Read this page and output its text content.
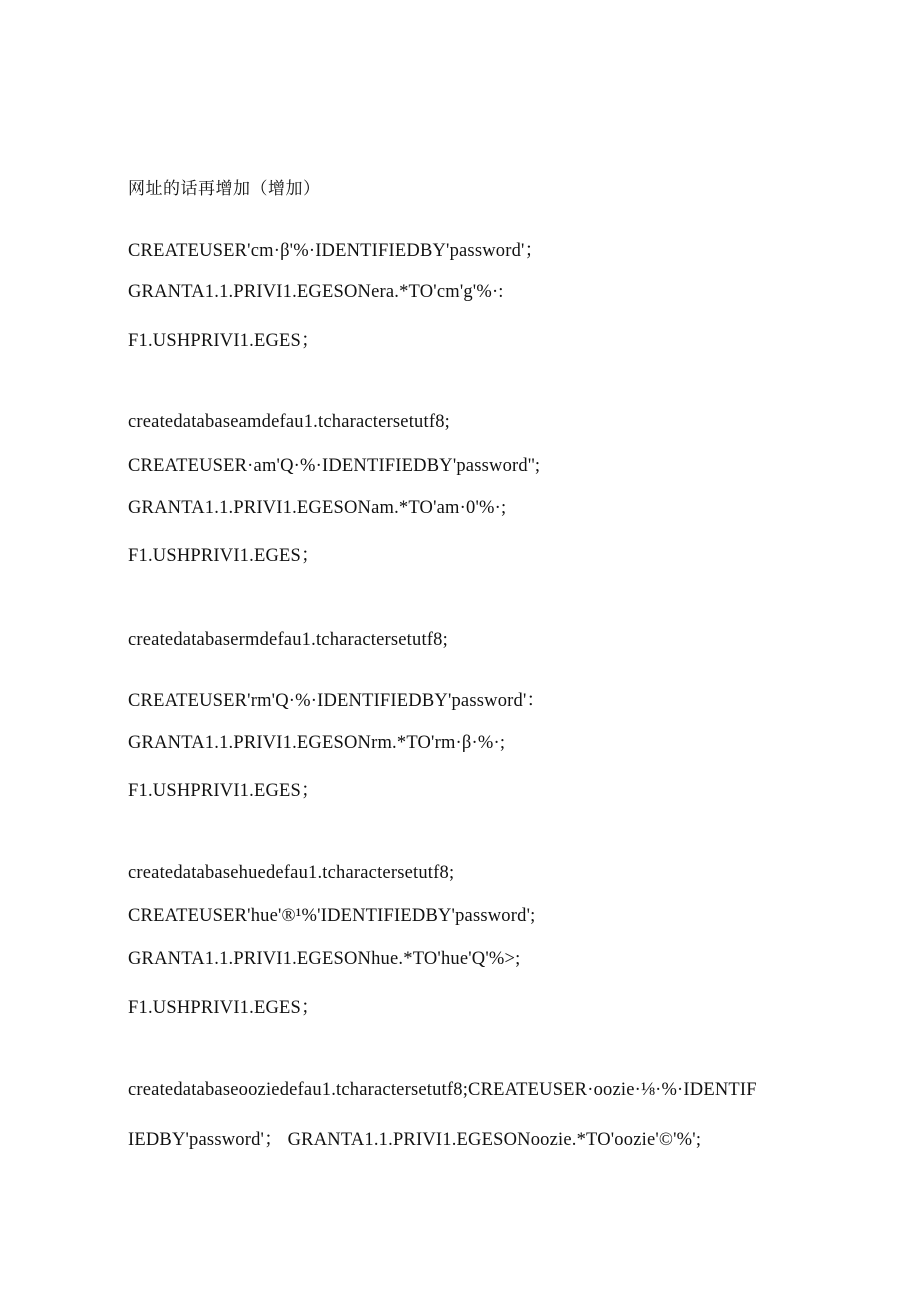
网址的话再增加（增加）
CREATEUSER'cm·β'%·IDENTIFIEDBY'password'；
GRANTA1.1.PRIVI1.EGESONera.*TO'cm'g'%·:
F1.USHPRIVI1.EGES；
createdatabaseamdefau1.tcharactersetutf8;
CREATEUSER·am'Q·%·IDENTIFIEDBY'password'';
GRANTA1.1.PRIVI1.EGESONam.*TO'am·0'%·;
F1.USHPRIVI1.EGES；
createdatabasermdefau1.tcharactersetutf8;
CREATEUSER'rm'Q·%·IDENTIFIEDBY'password'：
GRANTA1.1.PRIVI1.EGESONrm.*TO'rm·β·%·;
F1.USHPRIVI1.EGES；
createdatabasehuedefau1.tcharactersetutf8;
CREATEUSER'hue'®¹%'IDENTIFIEDBY'password';
GRANTA1.1.PRIVI1.EGESONhue.*TO'hue'Q'%>;
F1.USHPRIVI1.EGES；
createdatabaseooziedefau1.tcharactersetutf8;CREATEUSER·oozie·⅛·%·IDENTIF
IEDBY'password'； GRANTA1.1.PRIVI1.EGESONoozie.*TO'oozie'©'%';
